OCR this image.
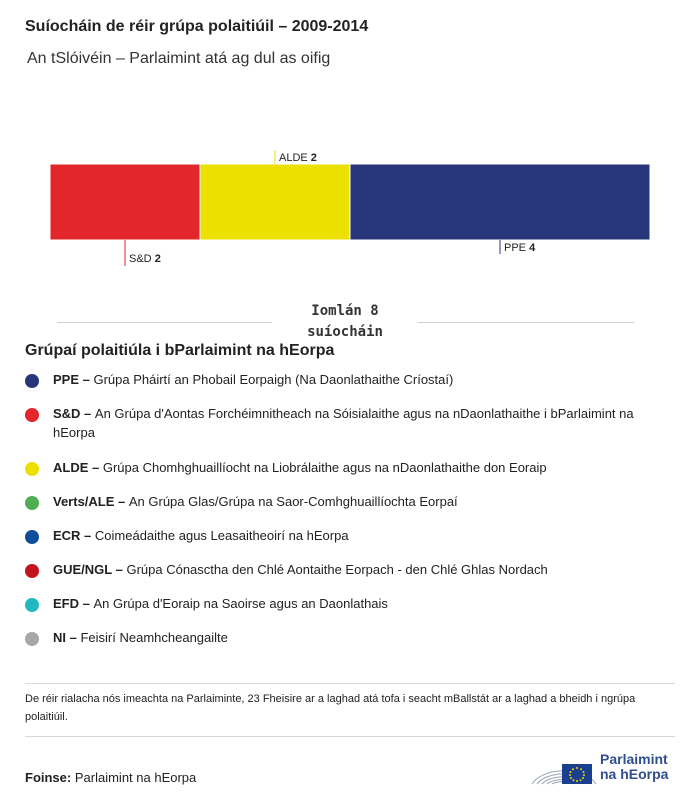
Suíocháin de réir grúpa polaitiúil – 2009-2014
An tSlóivéin – Parlaimint atá ag dul as oifig
S&D 2
ALDE 2
PPE 4
Iomlán 8
suíocháin
Grúpaí polaitiúla i bParlaimint na hEorpa
PPE – Grúpa Pháirtí an Phobail Eorpaigh (Na Daonlathaithe Críostaí)
S&D – An Grúpa d'Aontas Forchéimnitheach na Sóisialaithe agus na nDaonlathaithe i bParlaimint na hEorpa
ALDE – Grúpa Chomhghuaillíocht na Liobrálaithe agus na nDaonlathaithe don Eoraip
Verts/ALE – An Grúpa Glas/Grúpa na Saor-Comhghuaillíochta Eorpaí
ECR – Coimeádaithe agus Leasaitheoirí na hEorpa
GUE/NGL – Grúpa Cónasctha den Chlé Aontaithe Eorpach - den Chlé Ghlas Nordach
EFD – An Grúpa d'Eoraip na Saoirse agus an Daonlathais
NI – Feisirí Neamhcheangailte
De réir rialacha nós imeachta na Parlaiminte, 23 Fheisire ar a laghad atá tofa i seacht mBallstát ar a laghad a bheidh i ngrúpa polaitiúil.
Foinse: Parlaimint na hEorpa
Parlaimint
na hEorpa
